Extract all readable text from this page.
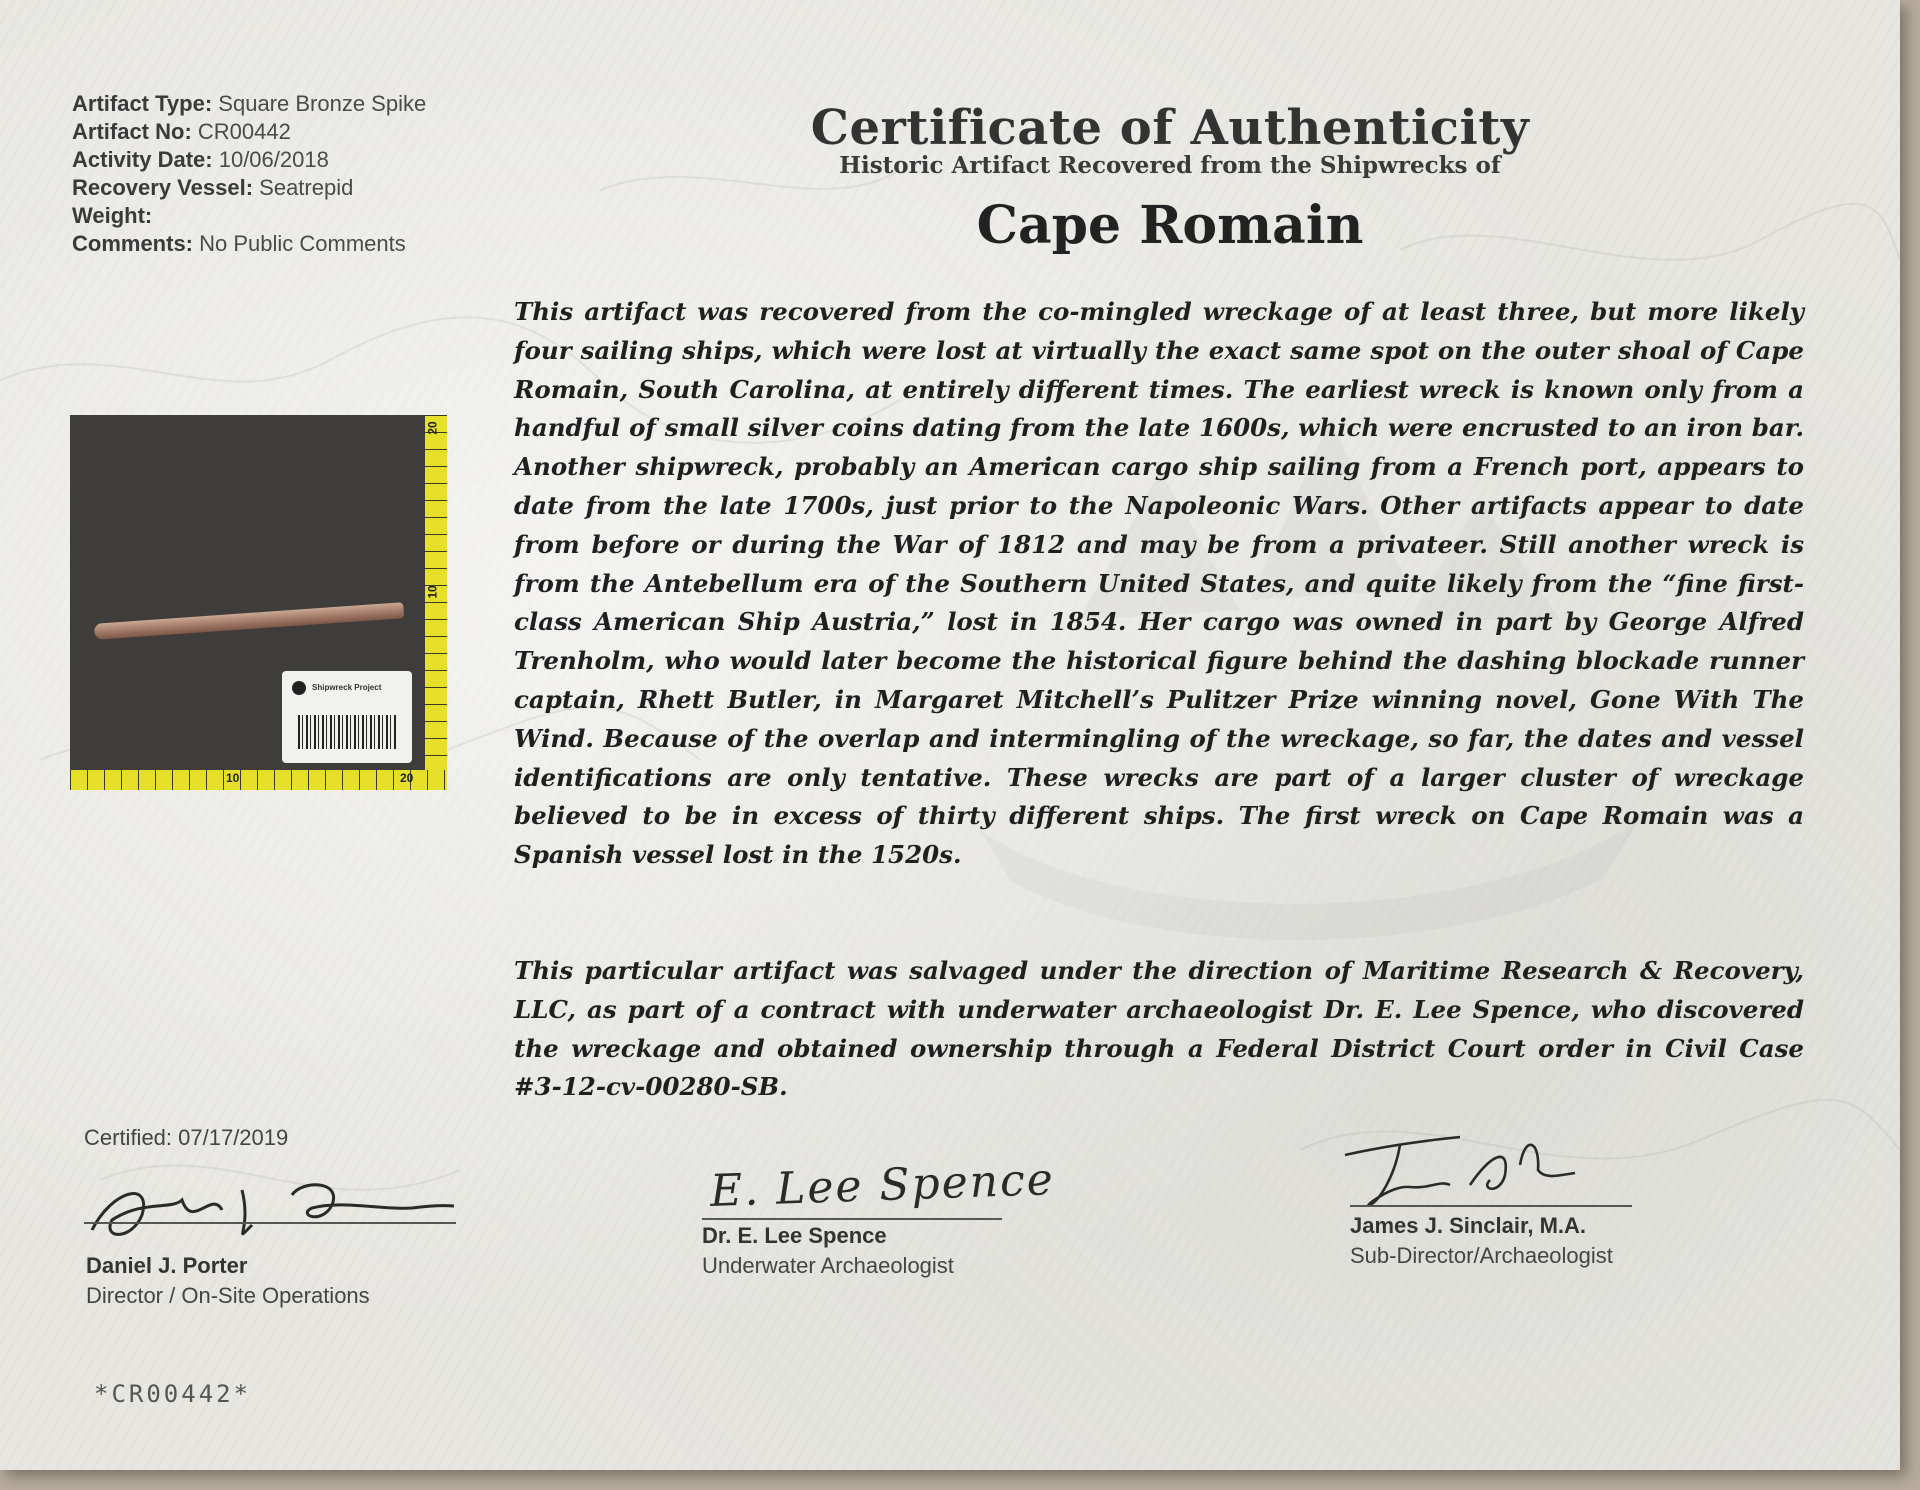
Artifact Type: Square Bronze Spike

Artifact No: CR00442

Activity Date: 10/06/2018

Recovery Vessel: Seatrepid

Weight:

Comments: No Public Comments

Shipwreck Project
10	20
10
20
Certificate of Authenticity
Historic Artifact Recovered from the Shipwrecks of
Cape Romain
This artifact was recovered from the co-mingled wreckage of at least three, but more likely four sailing ships, which were lost at virtually the exact same spot on the outer shoal of Cape Romain, South Carolina, at entirely different times. The earliest wreck is known only from a handful of small silver coins dating from the late 1600s, which were encrusted to an iron bar. Another shipwreck, probably an American cargo ship sailing from a French port, appears to date from the late 1700s, just prior to the Napoleonic Wars. Other artifacts appear to date from before or during the War of 1812 and may be from a privateer. Still another wreck is from the Antebellum era of the Southern United States, and quite likely from the “fine first-class American Ship Austria,” lost in 1854. Her cargo was owned in part by George Alfred Trenholm, who would later become the historical figure behind the dashing blockade runner captain, Rhett Butler, in Margaret Mitchell’s Pulitzer Prize winning novel, Gone With The Wind. Because of the overlap and intermingling of the wreckage, so far, the dates and vessel identifications are only tentative. These wrecks are part of a larger cluster of wreckage believed to be in excess of thirty different ships. The first wreck on Cape Romain was a Spanish vessel lost in the 1520s.
This particular artifact was salvaged under the direction of Maritime Research & Recovery, LLC, as part of a contract with underwater archaeologist Dr. E. Lee Spence, who discovered the wreckage and obtained ownership through a Federal District Court order in Civil Case #3-12-cv-00280-SB.
Certified: 07/17/2019
Daniel J. Porter
Director / On-Site Operations
E. Lee Spence
Dr. E. Lee Spence
Underwater Archaeologist
James J. Sinclair, M.A.
Sub-Director/Archaeologist
*CR00442*
